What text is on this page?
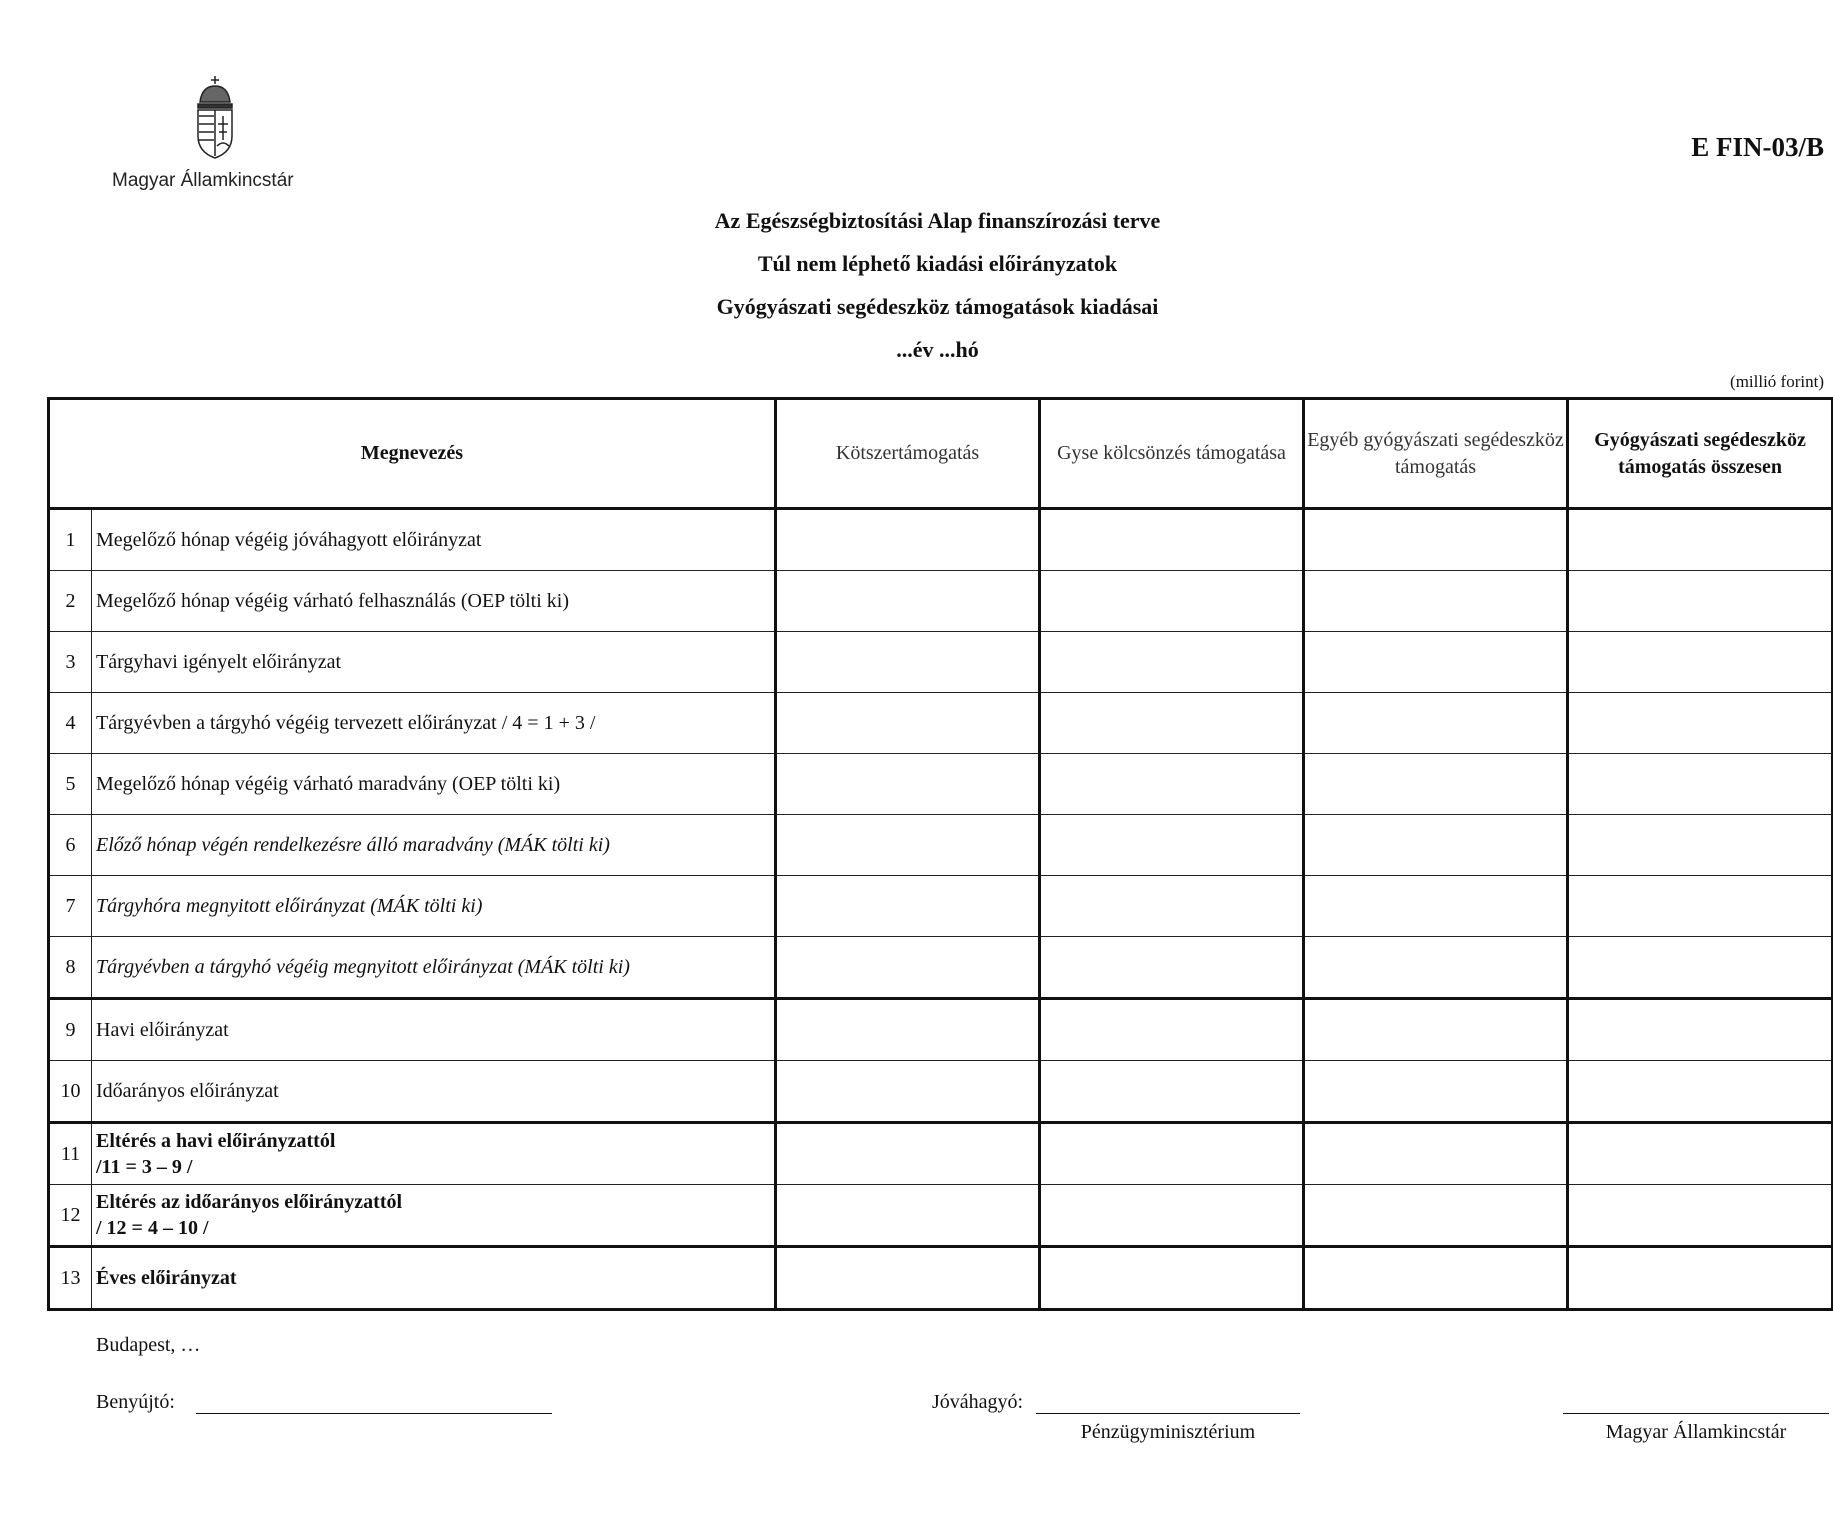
Magyar Államkincstár
E FIN-03/B
Az Egészségbiztosítási Alap finanszírozási terve
Túl nem léphető kiadási előirányzatok
Gyógyászati segédeszköz támogatások kiadásai
...év ...hó
(millió forint)
Megnevezés		Kötszertámogatás	Gyse kölcsönzés támogatása	Egyéb gyógyászati segédeszköz támogatás	Gyógyászati segédeszköz támogatás összesen
1	Megelőző hónap végéig jóváhagyott előirányzat				

2	Megelőző hónap végéig várható felhasználás (OEP tölti ki)				

3	Tárgyhavi igényelt előirányzat				

4	Tárgyévben a tárgyhó végéig tervezett előirányzat / 4 = 1 + 3 /				

5	Megelőző hónap végéig várható maradvány (OEP tölti ki)				

6	Előző hónap végén rendelkezésre álló maradvány (MÁK tölti ki)				

7	Tárgyhóra megnyitott előirányzat (MÁK tölti ki)				

8	Tárgyévben a tárgyhó végéig megnyitott előirányzat (MÁK tölti ki)				

9	Havi előirányzat				

10	Időarányos előirányzat				

11	Eltérés a havi előirányzattól
/11 = 3 – 9 /				

12	Eltérés az időarányos előirányzattól
/ 12 = 4 – 10 /				

13	Éves előirányzat				

Budapest, …
Benyújtó:	Jóváhagyó:
Pénzügyminisztérium	Magyar Államkincstár
